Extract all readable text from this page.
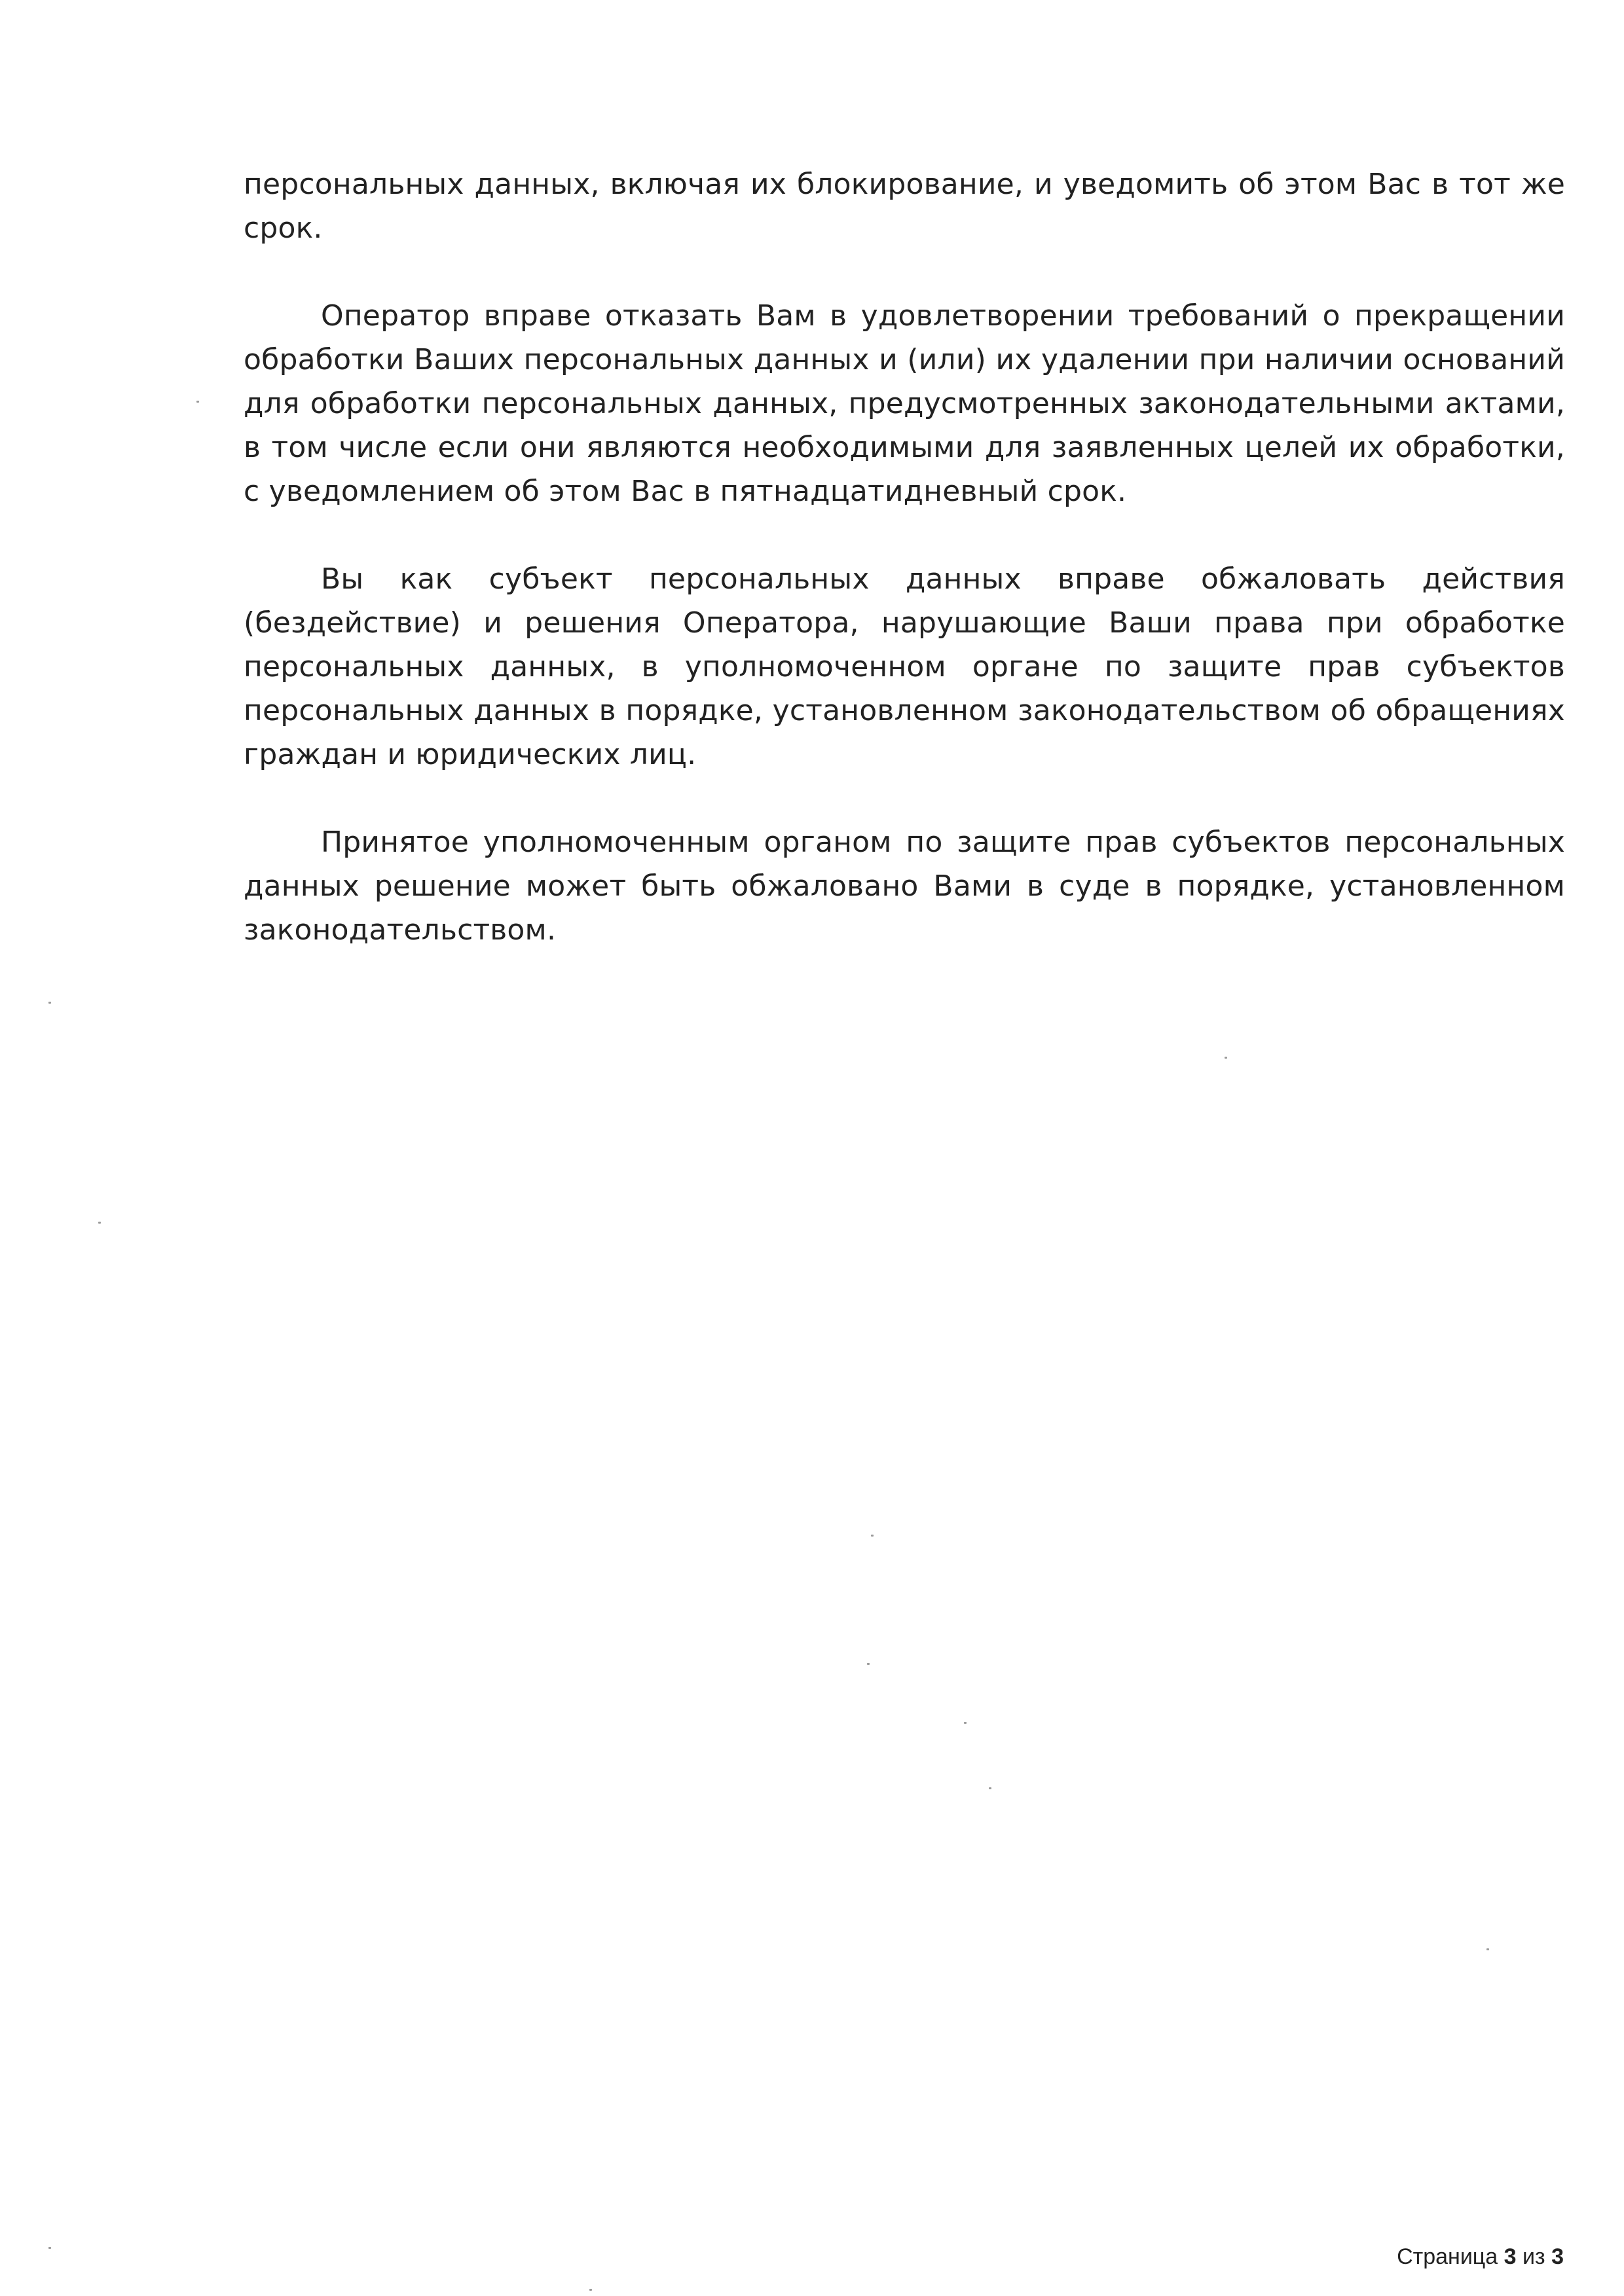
персональных данных, включая их блокирование, и уведомить об этом Вас в тот же срок.

Оператор вправе отказать Вам в удовлетворении требований о прекращении обработки Ваших персональных данных и (или) их удалении при наличии оснований для обработки персональных данных, предусмотренных законодательными актами, в том числе если они являются необходимыми для заявленных целей их обработки, с уведомлением об этом Вас в пятнадцатидневный срок.

Вы как субъект персональных данных вправе обжаловать действия (бездействие) и решения Оператора, нарушающие Ваши права при обработке персональных данных, в уполномоченном органе по защите прав субъектов персональных данных в порядке, установленном законодательством об обращениях граждан и юридических лиц.

Принятое уполномоченным органом по защите прав субъектов персональных данных решение может быть обжаловано Вами в суде в порядке, установленном законодательством.

Страница 3 из 3
